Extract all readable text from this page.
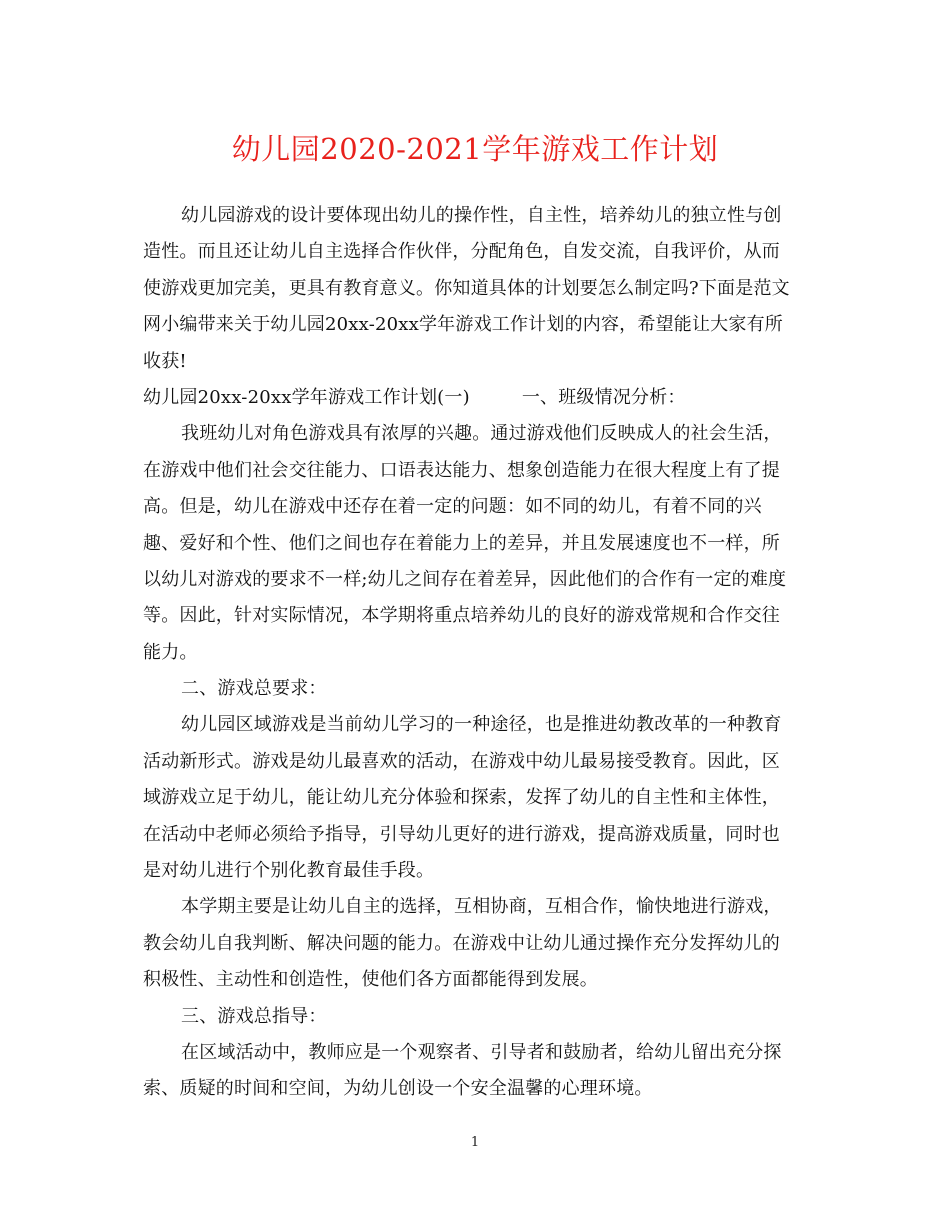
幼儿园2020-2021学年游戏工作计划
幼儿园游戏的设计要体现出幼儿的操作性，自主性，培养幼儿的独立性与创
造性。而且还让幼儿自主选择合作伙伴，分配角色，自发交流，自我评价，从而
使游戏更加完美，更具有教育意义。你知道具体的计划要怎么制定吗?下面是范文
网小编带来关于幼儿园20xx-20xx学年游戏工作计划的内容，希望能让大家有所
收获!
幼儿园20xx-20xx学年游戏工作计划(一)	一、班级情况分析：
我班幼儿对角色游戏具有浓厚的兴趣。通过游戏他们反映成人的社会生活，
在游戏中他们社会交往能力、口语表达能力、想象创造能力在很大程度上有了提
高。但是，幼儿在游戏中还存在着一定的问题：如不同的幼儿，有着不同的兴
趣、爱好和个性、他们之间也存在着能力上的差异，并且发展速度也不一样，所
以幼儿对游戏的要求不一样;幼儿之间存在着差异，因此他们的合作有一定的难度
等。因此，针对实际情况，本学期将重点培养幼儿的良好的游戏常规和合作交往
能力。
二、游戏总要求：
幼儿园区域游戏是当前幼儿学习的一种途径，也是推进幼教改革的一种教育
活动新形式。游戏是幼儿最喜欢的活动，在游戏中幼儿最易接受教育。因此，区
域游戏立足于幼儿，能让幼儿充分体验和探索，发挥了幼儿的自主性和主体性，
在活动中老师必须给予指导，引导幼儿更好的进行游戏，提高游戏质量，同时也
是对幼儿进行个别化教育最佳手段。
本学期主要是让幼儿自主的选择，互相协商，互相合作，愉快地进行游戏，
教会幼儿自我判断、解决问题的能力。在游戏中让幼儿通过操作充分发挥幼儿的
积极性、主动性和创造性，使他们各方面都能得到发展。
三、游戏总指导：
在区域活动中，教师应是一个观察者、引导者和鼓励者，给幼儿留出充分探
索、质疑的时间和空间，为幼儿创设一个安全温馨的心理环境。
1
